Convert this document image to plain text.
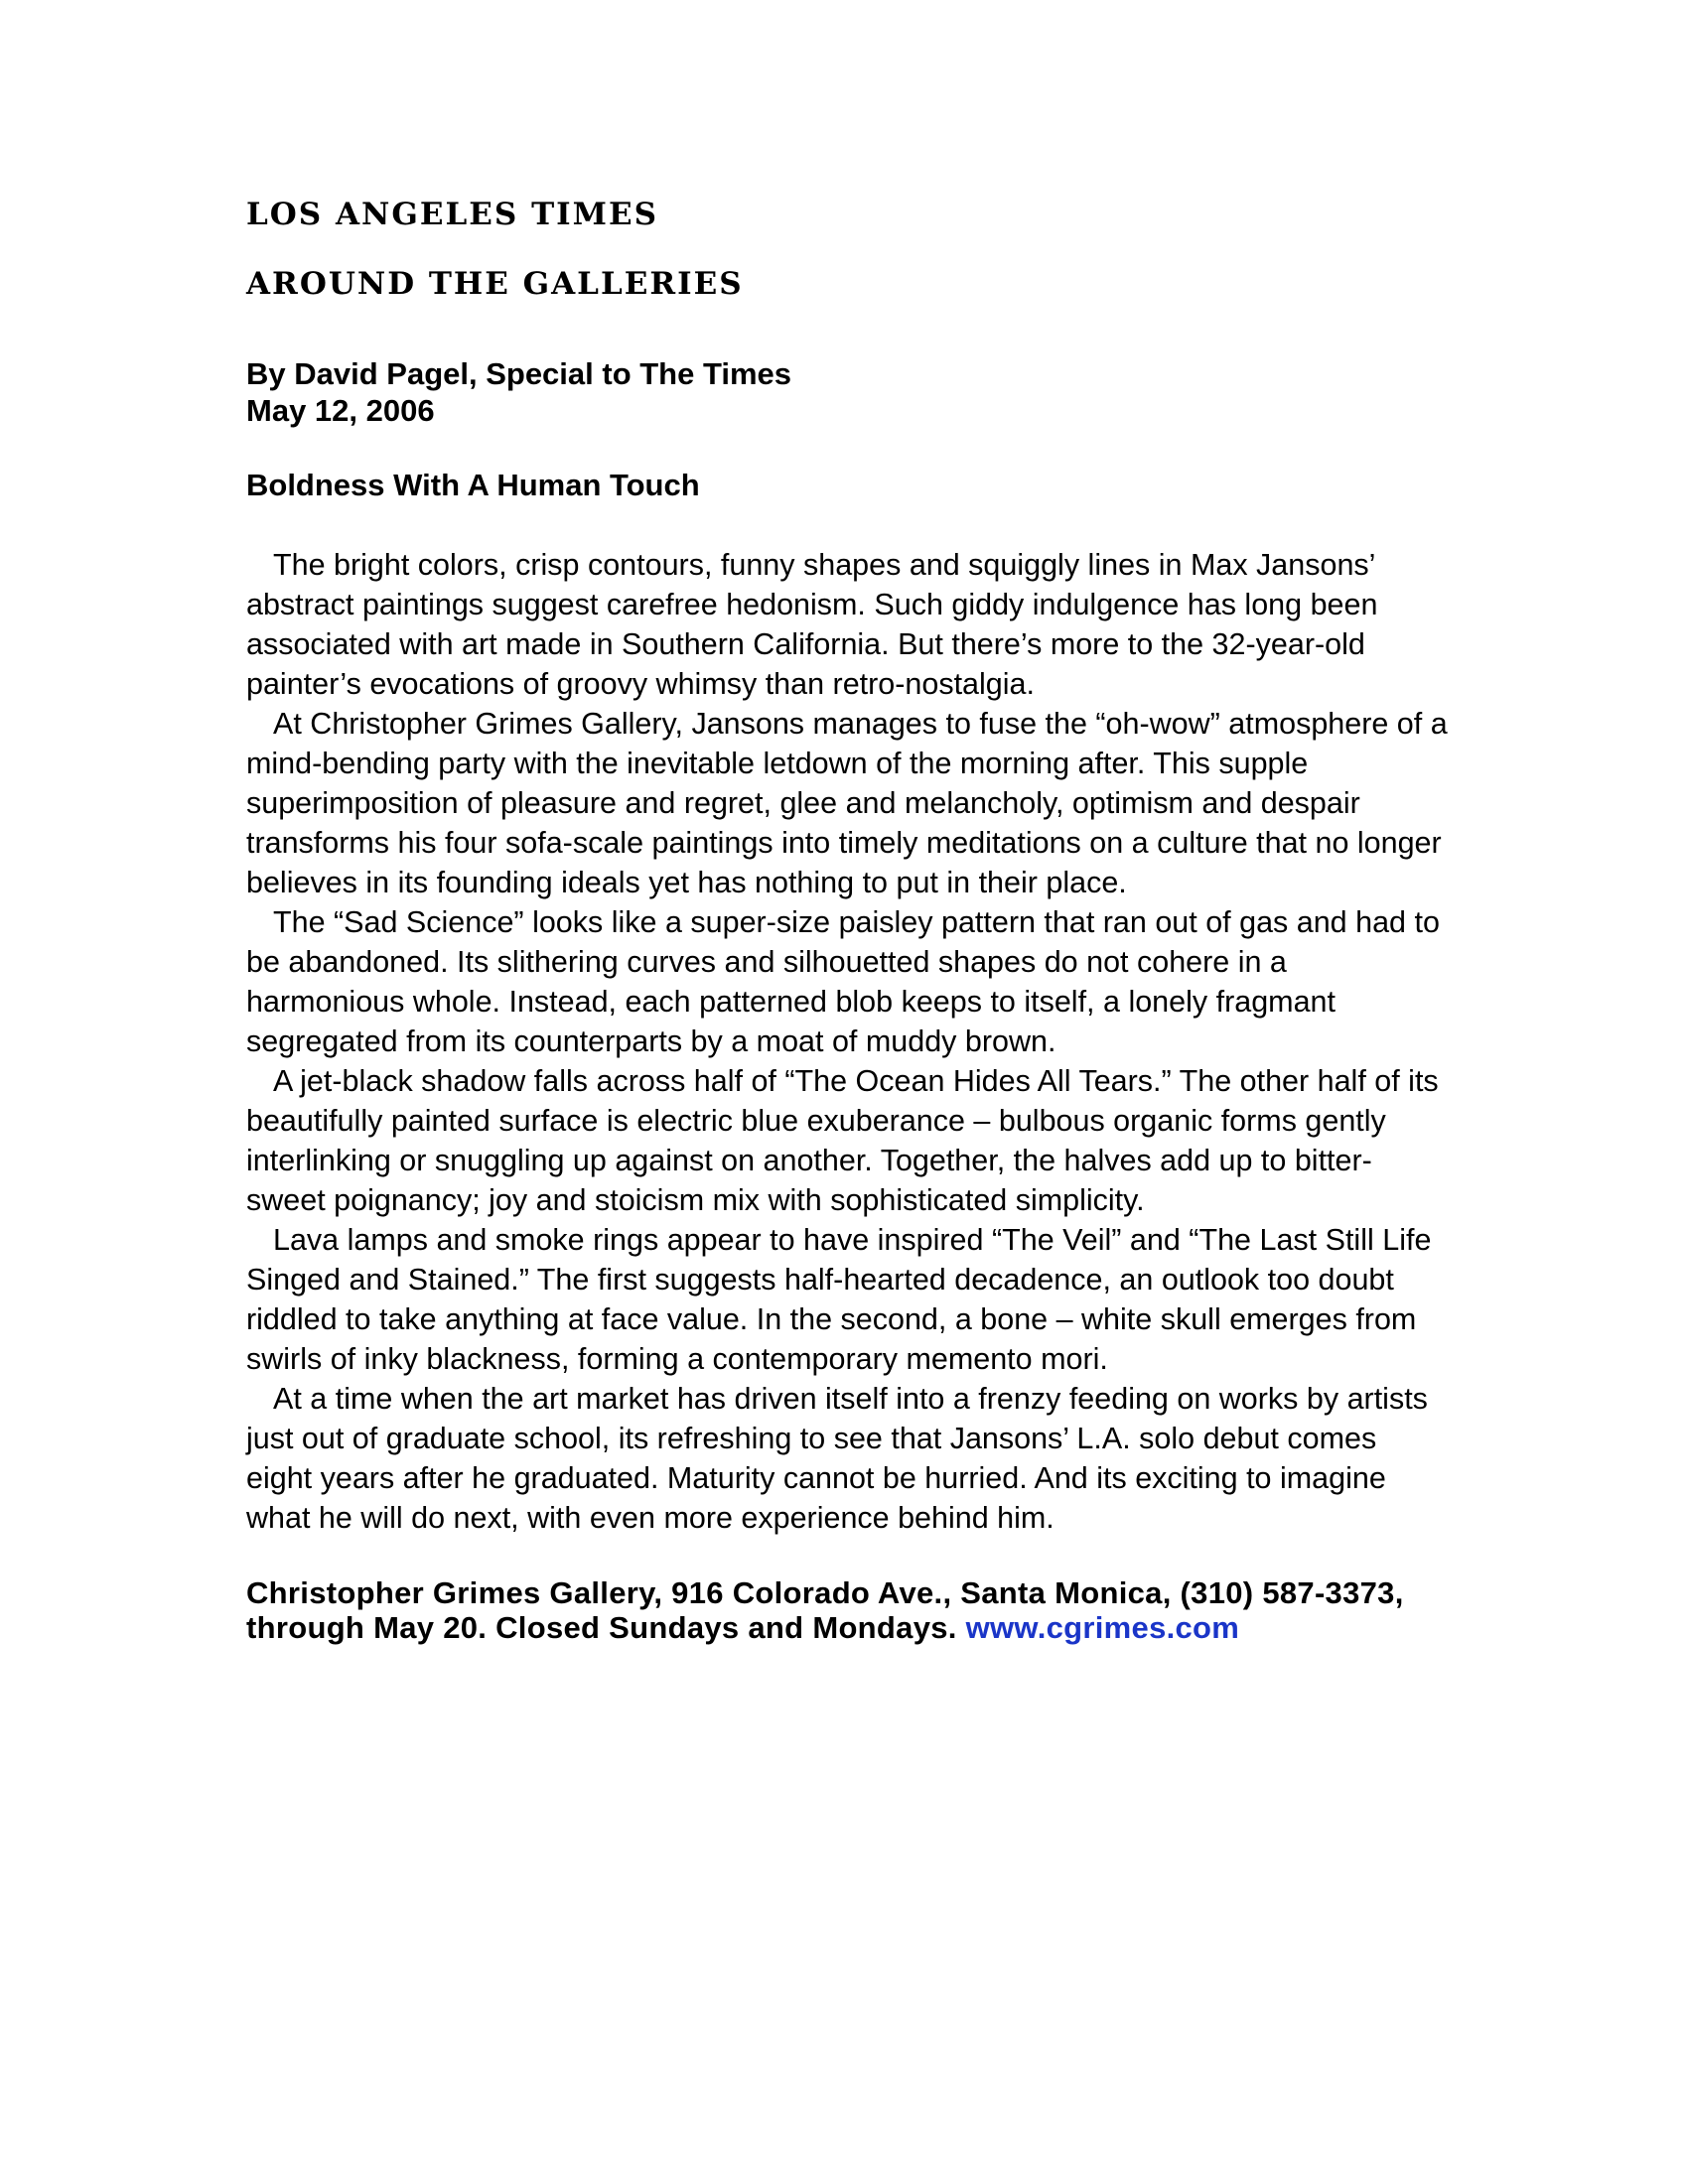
LOS ANGELES TIMES
AROUND THE GALLERIES
By David Pagel, Special to The Times
May 12, 2006
Boldness With A Human Touch

The bright colors, crisp contours, funny shapes and squiggly lines in Max Jansons’ abstract paintings suggest carefree hedonism. Such giddy indulgence has long been associated with art made in Southern California. But there’s more to the 32-year-old painter’s evocations of groovy whimsy than retro-nostalgia.

At Christopher Grimes Gallery, Jansons manages to fuse the “oh-wow” atmosphere of a mind-bending party with the inevitable letdown of the morning after. This supple superimposition of pleasure and regret, glee and melancholy, optimism and despair transforms his four sofa-scale paintings into timely meditations on a culture that no longer believes in its founding ideals yet has nothing to put in their place.

The “Sad Science” looks like a super-size paisley pattern that ran out of gas and had to be abandoned. Its slithering curves and silhouetted shapes do not cohere in a harmonious whole. Instead, each patterned blob keeps to itself, a lonely fragmant segregated from its counterparts by a moat of muddy brown.

A jet-black shadow falls across half of “The Ocean Hides All Tears.” The other half of its beautifully painted surface is electric blue exuberance – bulbous organic forms gently interlinking or snuggling up against on another. Together, the halves add up to bitter-sweet poignancy; joy and stoicism mix with sophisticated simplicity.

Lava lamps and smoke rings appear to have inspired “The Veil” and “The Last Still Life Singed and Stained.” The first suggests half-hearted decadence, an outlook too doubt riddled to take anything at face value. In the second, a bone – white skull emerges from swirls of inky blackness, forming a contemporary memento mori.

At a time when the art market has driven itself into a frenzy feeding on works by artists just out of graduate school, its refreshing to see that Jansons’ L.A. solo debut comes eight years after he graduated. Maturity cannot be hurried. And its exciting to imagine what he will do next, with even more experience behind him.

Christopher Grimes Gallery, 916 Colorado Ave., Santa Monica, (310) 587-3373, through May 20. Closed Sundays and Mondays. www.cgrimes.com
